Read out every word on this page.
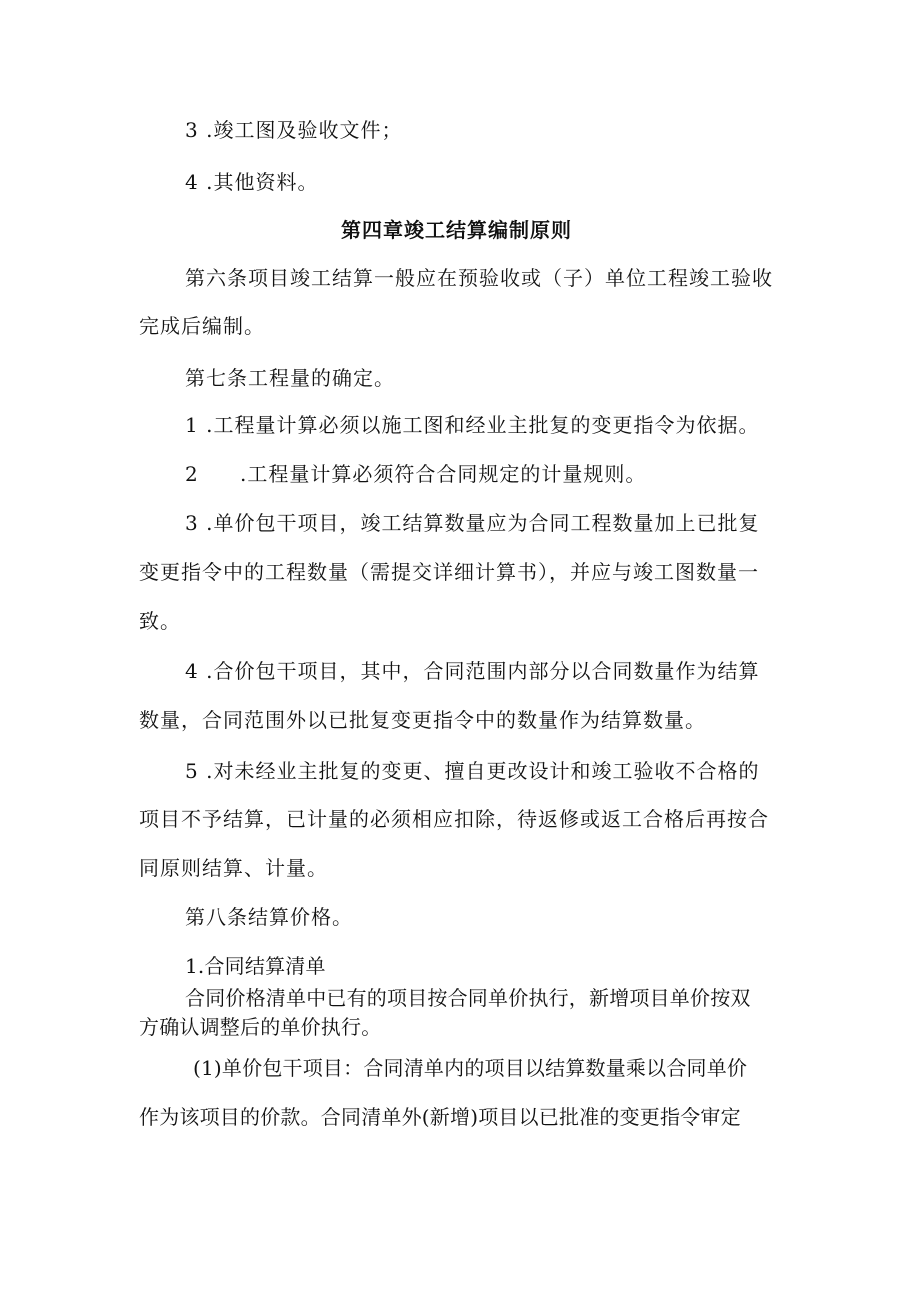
3 .竣工图及验收文件；
4 .其他资料。
第四章竣工结算编制原则
第六条项目竣工结算一般应在预验收或（子）单位工程竣工验收
完成后编制。
第七条工程量的确定。
1 .工程量计算必须以施工图和经业主批复的变更指令为依据。
2 .工程量计算必须符合合同规定的计量规则。
3 .单价包干项目，竣工结算数量应为合同工程数量加上已批复
变更指令中的工程数量（需提交详细计算书），并应与竣工图数量一
致。
4 .合价包干项目，其中，合同范围内部分以合同数量作为结算
数量，合同范围外以已批复变更指令中的数量作为结算数量。
5 .对未经业主批复的变更、擅自更改设计和竣工验收不合格的
项目不予结算，已计量的必须相应扣除，待返修或返工合格后再按合
同原则结算、计量。
第八条结算价格。
1.合同结算清单
合同价格清单中已有的项目按合同单价执行，新增项目单价按双
方确认调整后的单价执行。
(1)单价包干项目：合同清单内的项目以结算数量乘以合同单价
作为该项目的价款。合同清单外(新增)项目以已批准的变更指令审定
